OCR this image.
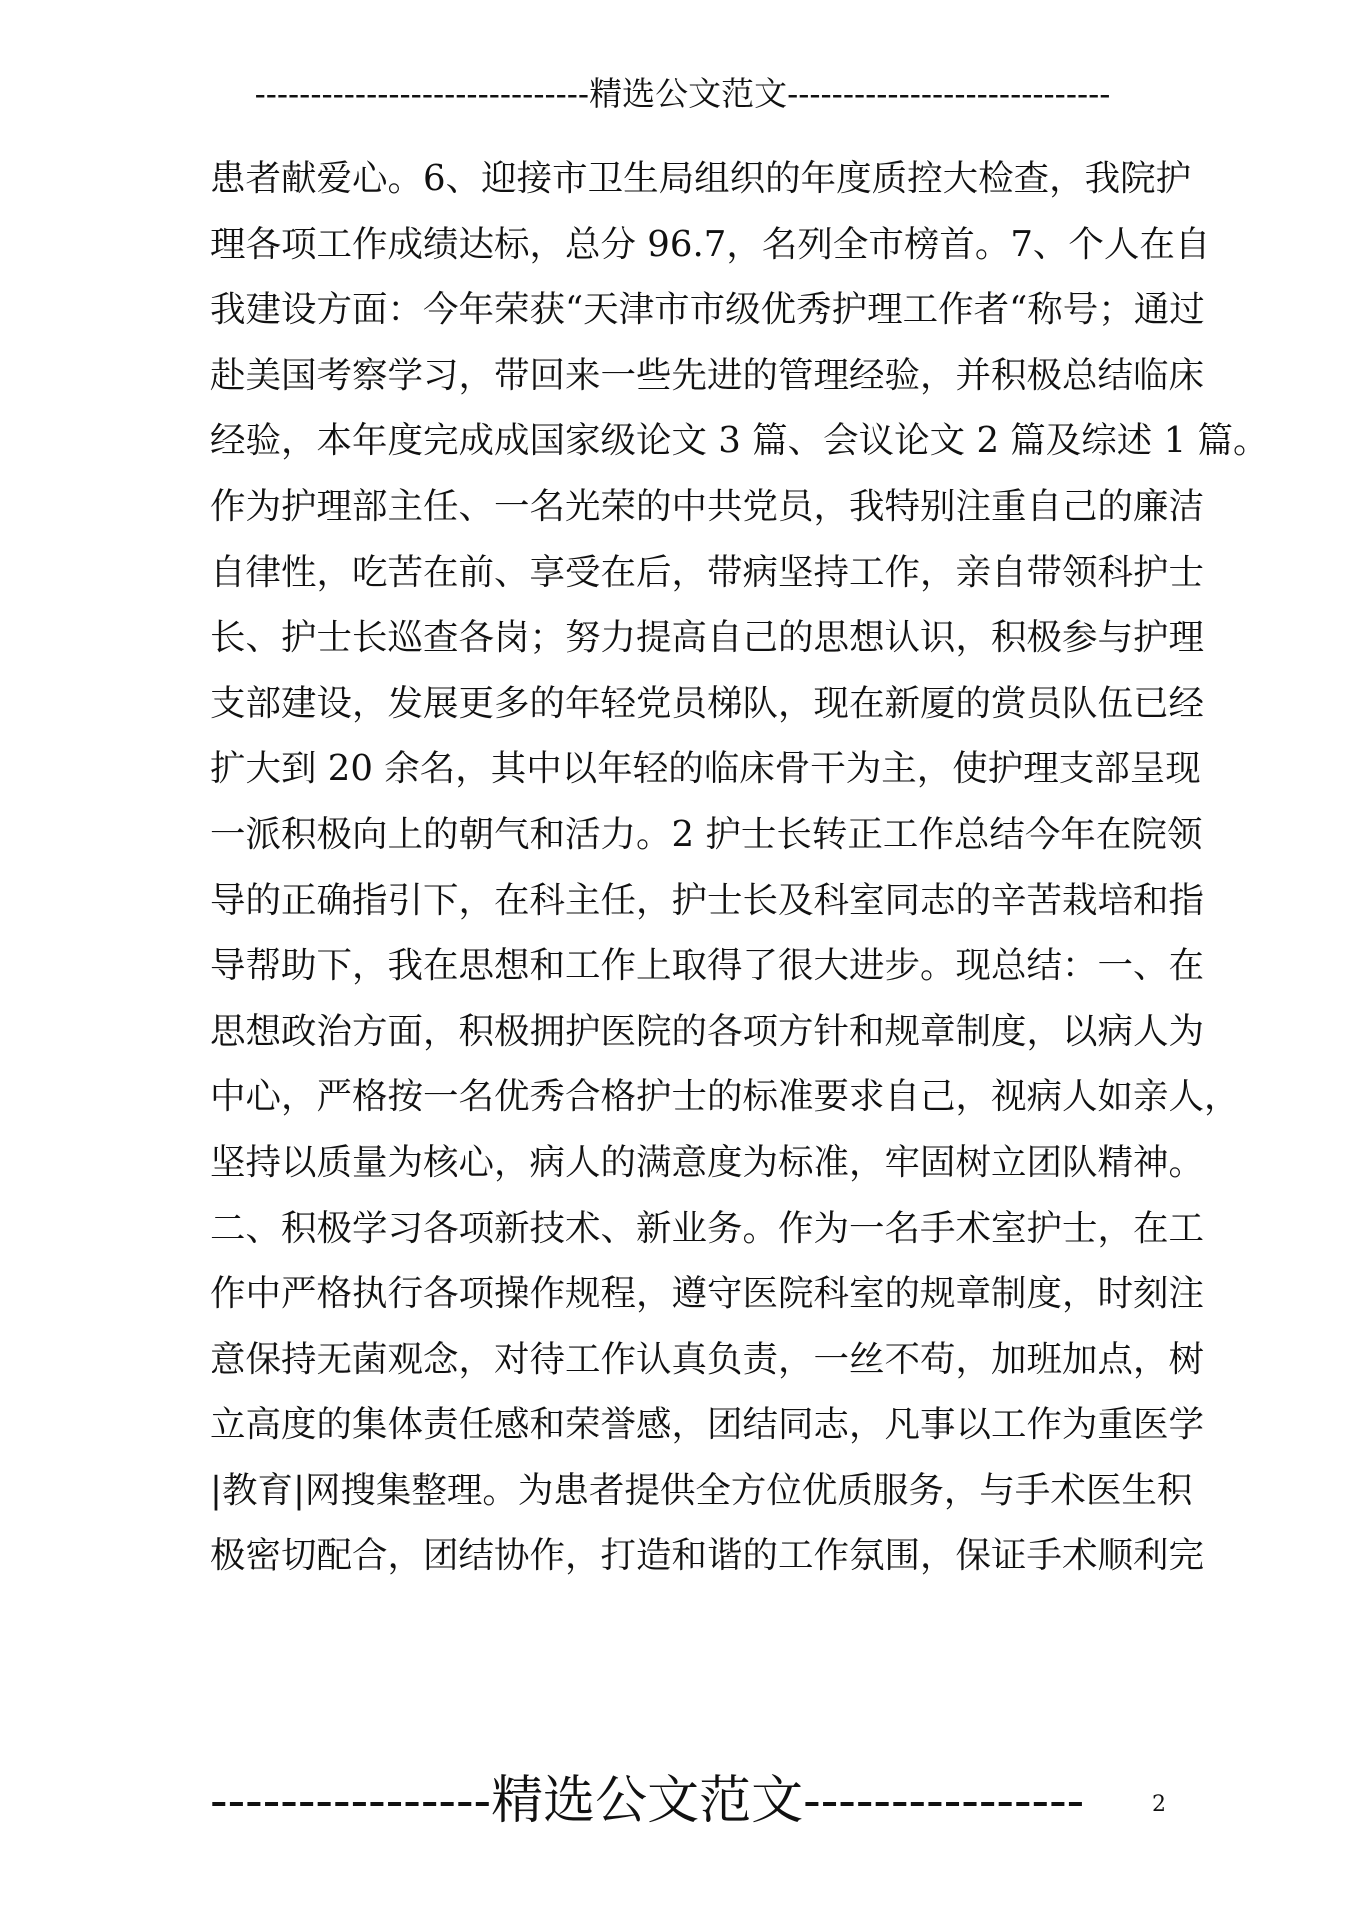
------------------------------精选公文范文-----------------------------
患者献爱心。6、迎接市卫生局组织的年度质控大检查，我院护
理各项工作成绩达标，总分 96.7，名列全市榜首。7、个人在自
我建设方面：今年荣获“天津市市级优秀护理工作者“称号；通过
赴美国考察学习，带回来一些先进的管理经验，并积极总结临床
经验，本年度完成成国家级论文 3 篇、会议论文 2 篇及综述 1 篇。
作为护理部主任、一名光荣的中共党员，我特别注重自己的廉洁
自律性，吃苦在前、享受在后，带病坚持工作，亲自带领科护士
长、护士长巡查各岗；努力提高自己的思想认识，积极参与护理
支部建设，发展更多的年轻党员梯队，现在新厦的赏员队伍已经
扩大到 20 余名，其中以年轻的临床骨干为主，使护理支部呈现
一派积极向上的朝气和活力。2 护士长转正工作总结今年在院领
导的正确指引下，在科主任，护士长及科室同志的辛苦栽培和指
导帮助下，我在思想和工作上取得了很大进步。现总结：一、在
思想政治方面，积极拥护医院的各项方针和规章制度，以病人为
中心，严格按一名优秀合格护士的标准要求自己，视病人如亲人，
坚持以质量为核心，病人的满意度为标准，牢固树立团队精神。
二、积极学习各项新技术、新业务。作为一名手术室护士，在工
作中严格执行各项操作规程，遵守医院科室的规章制度，时刻注
意保持无菌观念，对待工作认真负责，一丝不苟，加班加点，树
立高度的集体责任感和荣誉感，团结同志，凡事以工作为重医学
|教育|网搜集整理。为患者提供全方位优质服务，与手术医生积
极密切配合，团结协作，打造和谐的工作氛围，保证手术顺利完
----------------精选公文范文----------------	2
